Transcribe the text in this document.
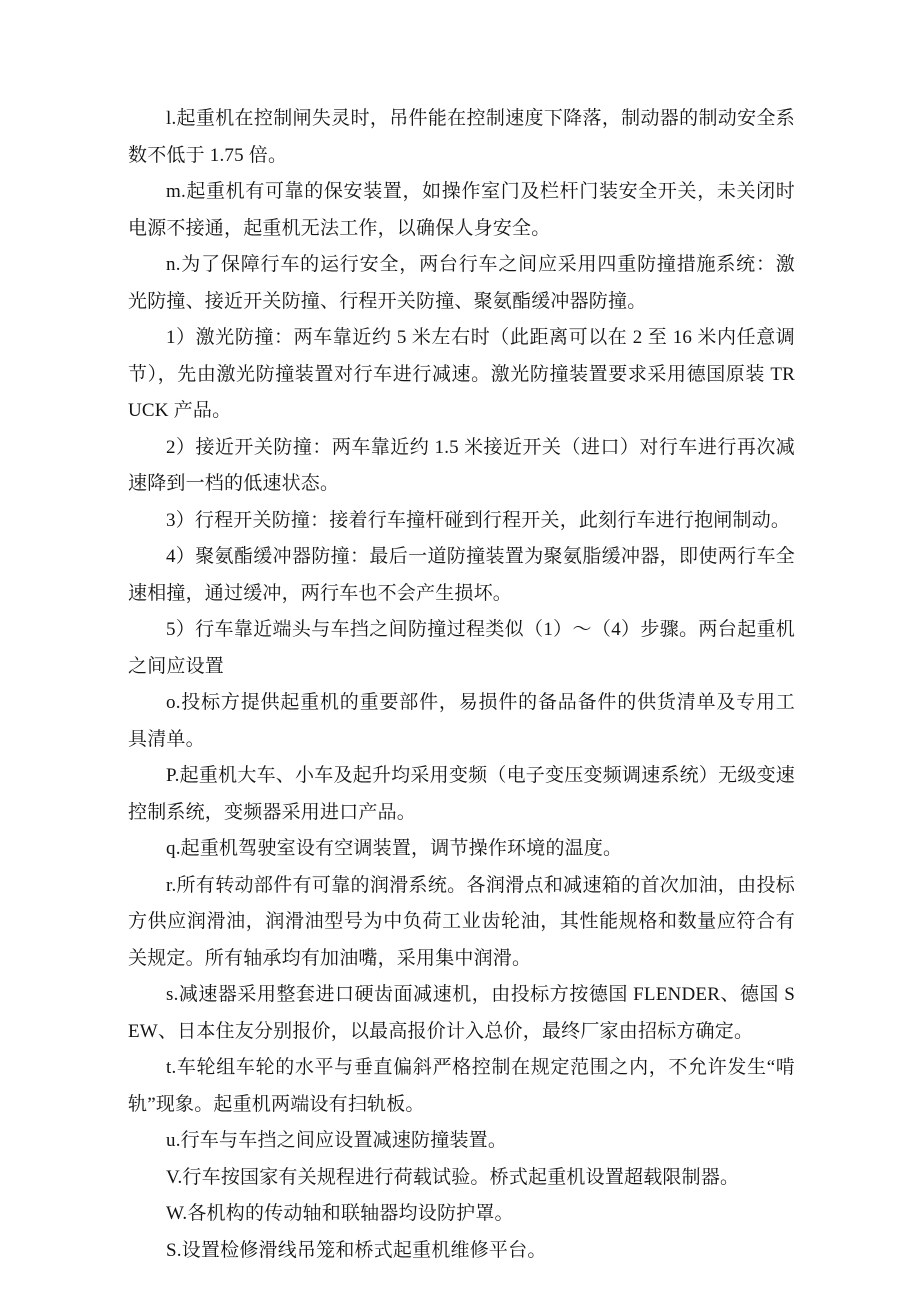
l.起重机在控制闸失灵时，吊件能在控制速度下降落，制动器的制动安全系数不低于 1.75 倍。

m.起重机有可靠的保安装置，如操作室门及栏杆门装安全开关，未关闭时电源不接通，起重机无法工作，以确保人身安全。

n.为了保障行车的运行安全，两台行车之间应采用四重防撞措施系统：激光防撞、接近开关防撞、行程开关防撞、聚氨酯缓冲器防撞。

1）激光防撞：两车靠近约 5 米左右时（此距离可以在 2 至 16 米内任意调节），先由激光防撞装置对行车进行减速。激光防撞装置要求采用德国原装 TRUCK 产品。

2）接近开关防撞：两车靠近约 1.5 米接近开关（进口）对行车进行再次减速降到一档的低速状态。

3）行程开关防撞：接着行车撞杆碰到行程开关，此刻行车进行抱闸制动。

4）聚氨酯缓冲器防撞：最后一道防撞装置为聚氨脂缓冲器，即使两行车全速相撞，通过缓冲，两行车也不会产生损坏。

5）行车靠近端头与车挡之间防撞过程类似（1）～（4）步骤。两台起重机之间应设置

o.投标方提供起重机的重要部件，易损件的备品备件的供货清单及专用工具清单。

P.起重机大车、小车及起升均采用变频（电子变压变频调速系统）无级变速控制系统，变频器采用进口产品。

q.起重机驾驶室设有空调装置，调节操作环境的温度。

r.所有转动部件有可靠的润滑系统。各润滑点和减速箱的首次加油，由投标方供应润滑油，润滑油型号为中负荷工业齿轮油，其性能规格和数量应符合有关规定。所有轴承均有加油嘴，采用集中润滑。

s.减速器采用整套进口硬齿面减速机，由投标方按德国 FLENDER、德国 SEW、日本住友分别报价，以最高报价计入总价，最终厂家由招标方确定。

t.车轮组车轮的水平与垂直偏斜严格控制在规定范围之内，不允许发生“啃轨”现象。起重机两端设有扫轨板。

u.行车与车挡之间应设置减速防撞装置。

V.行车按国家有关规程进行荷载试验。桥式起重机设置超载限制器。

W.各机构的传动轴和联轴器均设防护罩。

S.设置检修滑线吊笼和桥式起重机维修平台。
